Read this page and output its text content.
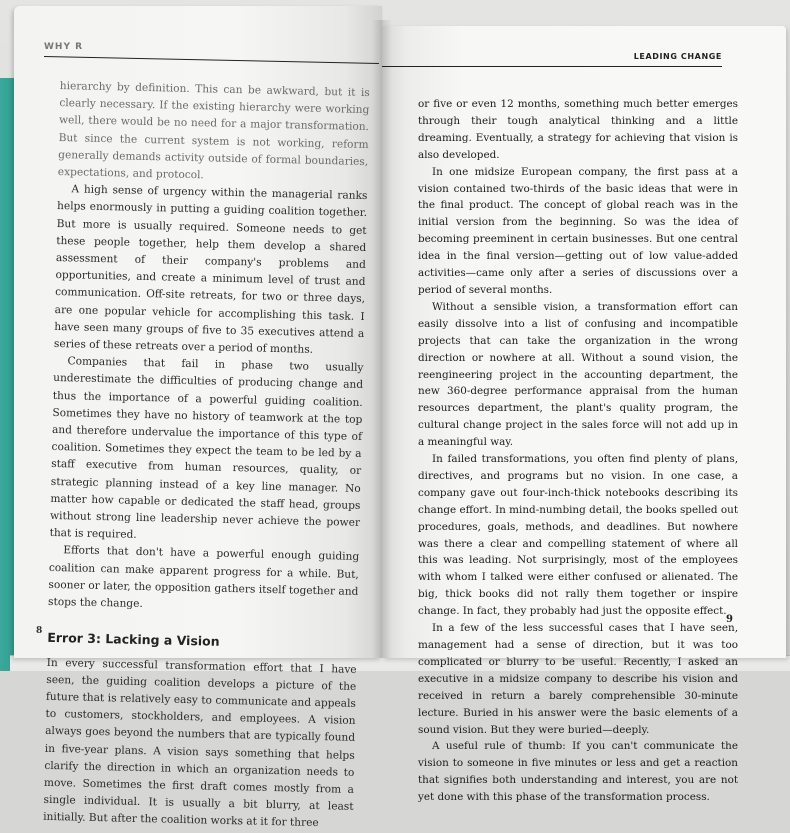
WHY R
LEADING CHANGE

hierarchy by definition. This can be awkward, but it is clearly necessary. If the existing hierarchy were working well, there would be no need for a major transformation. But since the current system is not working, reform generally demands activity outside of formal boundaries, expectations, and protocol.

A high sense of urgency within the managerial ranks helps enormously in putting a guiding coalition together. But more is usually required. Someone needs to get these people together, help them develop a shared assessment of their company's problems and opportunities, and create a minimum level of trust and communication. Off-site retreats, for two or three days, are one popular vehicle for accomplishing this task. I have seen many groups of five to 35 executives attend a series of these retreats over a period of months.

Companies that fail in phase two usually underestimate the difficulties of producing change and thus the importance of a powerful guiding coalition. Sometimes they have no history of teamwork at the top and therefore undervalue the importance of this type of coalition. Sometimes they expect the team to be led by a staff executive from human resources, quality, or strategic planning instead of a key line manager. No matter how capable or dedicated the staff head, groups without strong line leadership never achieve the power that is required.

Efforts that don't have a powerful enough guiding coalition can make apparent progress for a while. But, sooner or later, the opposition gathers itself together and stops the change.

Error 3: Lacking a Vision

In every successful transformation effort that I have seen, the guiding coalition develops a picture of the future that is relatively easy to communicate and appeals to customers, stockholders, and employees. A vision always goes beyond the numbers that are typically found in five-year plans. A vision says something that helps clarify the direction in which an organization needs to move. Sometimes the first draft comes mostly from a single individual. It is usually a bit blurry, at least initially. But after the coalition works at it for three

or five or even 12 months, something much better emerges through their tough analytical thinking and a little dreaming. Eventually, a strategy for achieving that vision is also developed.

In one midsize European company, the first pass at a vision contained two-thirds of the basic ideas that were in the final product. The concept of global reach was in the initial version from the beginning. So was the idea of becoming preeminent in certain businesses. But one central idea in the final version—getting out of low value-added activities—came only after a series of discussions over a period of several months.

Without a sensible vision, a transformation effort can easily dissolve into a list of confusing and incompatible projects that can take the organization in the wrong direction or nowhere at all. Without a sound vision, the reengineering project in the accounting department, the new 360-degree performance appraisal from the human resources department, the plant's quality program, the cultural change project in the sales force will not add up in a meaningful way.

In failed transformations, you often find plenty of plans, directives, and programs but no vision. In one case, a company gave out four-inch-thick notebooks describing its change effort. In mind-numbing detail, the books spelled out procedures, goals, methods, and deadlines. But nowhere was there a clear and compelling statement of where all this was leading. Not surprisingly, most of the employees with whom I talked were either confused or alienated. The big, thick books did not rally them together or inspire change. In fact, they probably had just the opposite effect.

In a few of the less successful cases that I have seen, management had a sense of direction, but it was too complicated or blurry to be useful. Recently, I asked an executive in a midsize company to describe his vision and received in return a barely comprehensible 30-minute lecture. Buried in his answer were the basic elements of a sound vision. But they were buried—deeply.

A useful rule of thumb: If you can't communicate the vision to someone in five minutes or less and get a reaction that signifies both understanding and interest, you are not yet done with this phase of the transformation process.

8
9
